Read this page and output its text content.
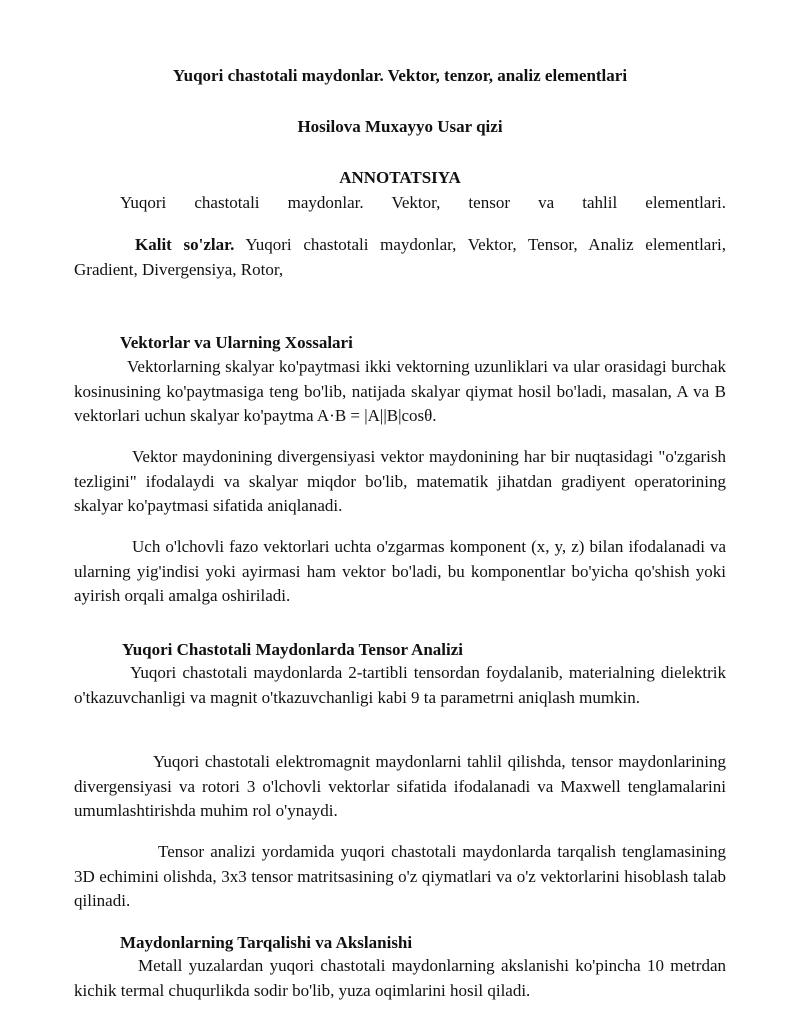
Yuqori chastotali maydonlar. Vektor, tenzor, analiz elementlari
Hosilova Muxayyo Usar qizi
ANNOTATSIYA

Yuqori chastotali maydonlar. Vektor, tensor va tahlil elementlari.

Kalit so'zlar. Yuqori chastotali maydonlar, Vektor, Tensor, Analiz elementlari, Gradient, Divergensiya, Rotor,

Vektorlar va Ularning Xossalari

Vektorlarning skalyar ko'paytmasi ikki vektorning uzunliklari va ular orasidagi burchak kosinusining ko'paytmasiga teng bo'lib, natijada skalyar qiymat hosil bo'ladi, masalan, A va B vektorlari uchun skalyar ko'paytma A·B = |A||B|cosθ.

Vektor maydonining divergensiyasi vektor maydonining har bir nuqtasidagi "o'zgarish tezligini" ifodalaydi va skalyar miqdor bo'lib, matematik jihatdan gradiyent operatorining skalyar ko'paytmasi sifatida aniqlanadi.

Uch o'lchovli fazo vektorlari uchta o'zgarmas komponent (x, y, z) bilan ifodalanadi va ularning yig'indisi yoki ayirmasi ham vektor bo'ladi, bu komponentlar bo'yicha qo'shish yoki ayirish orqali amalga oshiriladi.

Yuqori Chastotali Maydonlarda Tensor Analizi

Yuqori chastotali maydonlarda 2-tartibli tensordan foydalanib, materialning dielektrik o'tkazuvchanligi va magnit o'tkazuvchanligi kabi 9 ta parametrni aniqlash mumkin.

Yuqori chastotali elektromagnit maydonlarni tahlil qilishda, tensor maydonlarining divergensiyasi va rotori 3 o'lchovli vektorlar sifatida ifodalanadi va Maxwell tenglamalarini umumlashtirishda muhim rol o'ynaydi.

Tensor analizi yordamida yuqori chastotali maydonlarda tarqalish tenglamasining 3D echimini olishda, 3x3 tensor matritsasining o'z qiymatlari va o'z vektorlarini hisoblash talab qilinadi.

Maydonlarning Tarqalishi va Akslanishi

Metall yuzalardan yuqori chastotali maydonlarning akslanishi ko'pincha 10 metrdan kichik termal chuqurlikda sodir bo'lib, yuza oqimlarini hosil qiladi.
